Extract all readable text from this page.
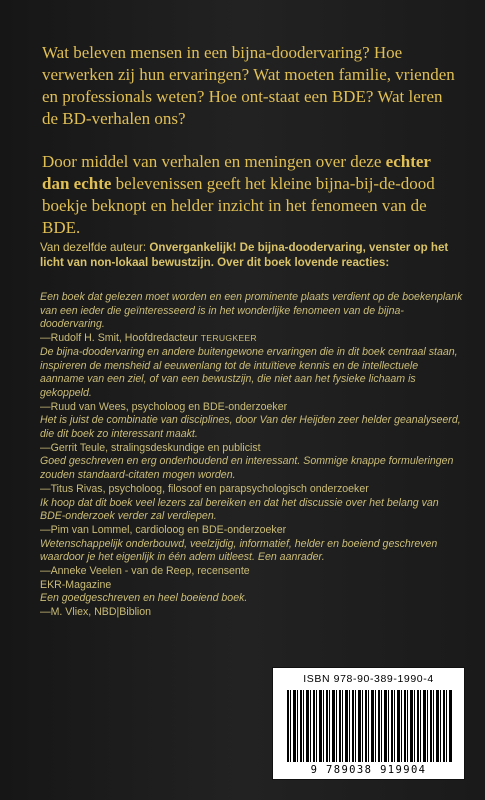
Wat beleven mensen in een bijna-doodervaring? Hoe verwerken zij hun ervaringen? Wat moeten familie, vrienden en professionals weten? Hoe ont-staat een BDE? Wat leren de BD-verhalen ons?

Door middel van verhalen en meningen over deze echter dan echte belevenissen geeft het kleine bijna-bij-de-dood boekje beknopt en helder inzicht in het fenomeen van de BDE.

Van dezelfde auteur: Onvergankelijk! De bijna-doodervaring, venster op het licht van non-lokaal bewustzijn. Over dit boek lovende reacties:
Een boek dat gelezen moet worden en een prominente plaats verdient op de boekenplank van een ieder die geïnteresseerd is in het wonderlijke fenomeen van de bijna-doodervaring.
—Rudolf H. Smit, Hoofdredacteur TERUGKEER
De bijna-doodervaring en andere buitengewone ervaringen die in dit boek centraal staan, inspireren de mensheid al eeuwenlang tot de intuïtieve kennis en de intellectuele aanname van een ziel, of van een bewustzijn, die niet aan het fysieke lichaam is gekoppeld.
—Ruud van Wees, psycholoog en BDE-onderzoeker
Het is juist de combinatie van disciplines, door Van der Heijden zeer helder geanalyseerd, die dit boek zo interessant maakt.
—Gerrit Teule, stralingsdeskundige en publicist
Goed geschreven en erg onderhoudend en interessant. Sommige knappe formuleringen zouden standaard-citaten mogen worden.
—Titus Rivas, psycholoog, filosoof en parapsychologisch onderzoeker
Ik hoop dat dit boek veel lezers zal bereiken en dat het discussie over het belang van BDE-onderzoek verder zal verdiepen.
—Pim van Lommel, cardioloog en BDE-onderzoeker
Wetenschappelijk onderbouwd, veelzijdig, informatief, helder en boeiend geschreven waardoor je het eigenlijk in één adem uitleest. Een aanrader.
—Anneke Veelen - van de Reep, recensente EKR-Magazine
Een goedgeschreven en heel boeiend boek.
—M. Vliex, NBD|Biblion
ISBN 978-90-389-1990-4
9 789038 919904
